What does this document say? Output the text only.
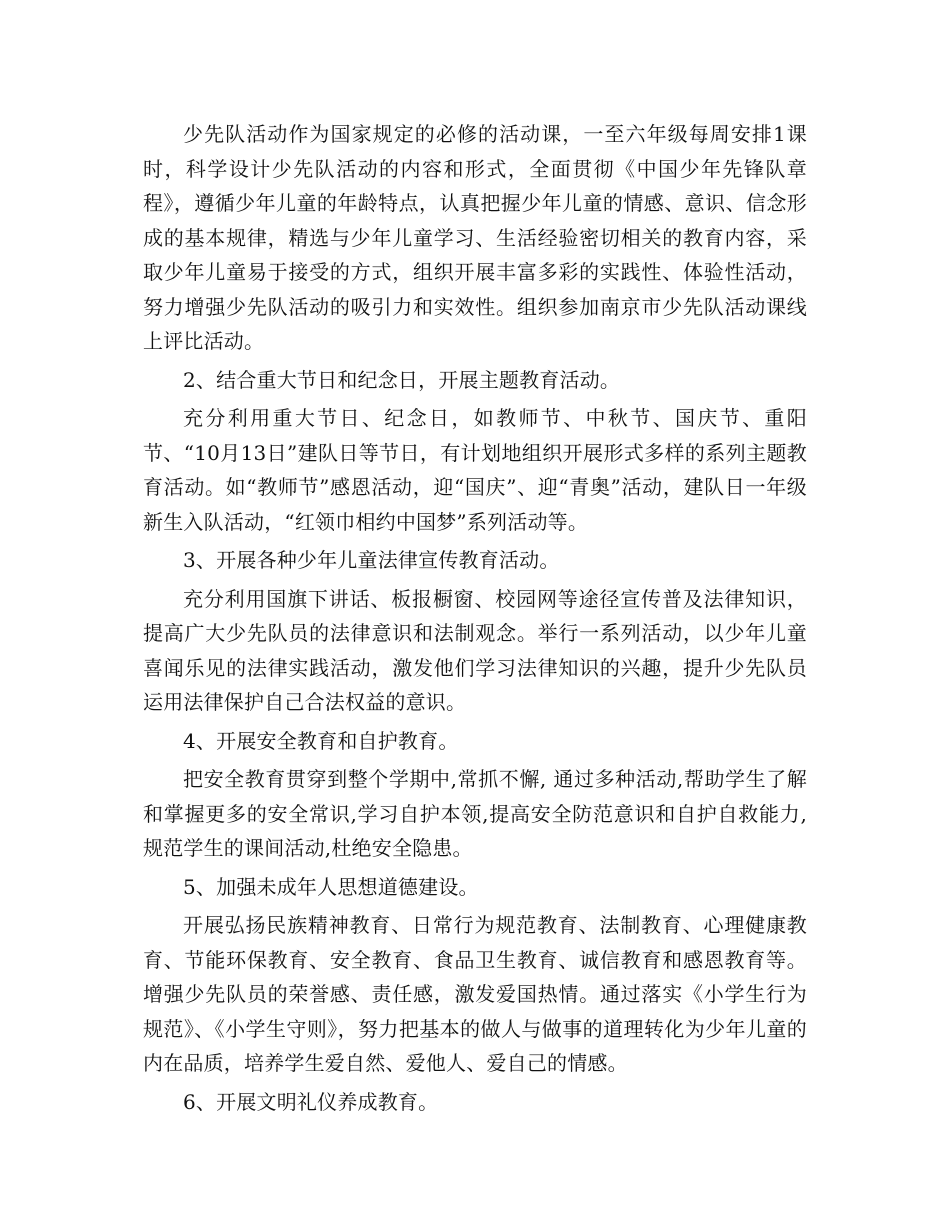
少先队活动作为国家规定的必修的活动课，一至六年级每周安排1课时，科学设计少先队活动的内容和形式，全面贯彻《中国少年先锋队章程》，遵循少年儿童的年龄特点，认真把握少年儿童的情感、意识、信念形成的基本规律，精选与少年儿童学习、生活经验密切相关的教育内容，采取少年儿童易于接受的方式，组织开展丰富多彩的实践性、体验性活动，努力增强少先队活动的吸引力和实效性。组织参加南京市少先队活动课线上评比活动。

2、结合重大节日和纪念日，开展主题教育活动。

充分利用重大节日、纪念日，如教师节、中秋节、国庆节、重阳节、“10月13日”建队日等节日，有计划地组织开展形式多样的系列主题教育活动。如“教师节”感恩活动，迎“国庆”、迎“青奥”活动，建队日一年级新生入队活动，“红领巾相约中国梦”系列活动等。

3、开展各种少年儿童法律宣传教育活动。

充分利用国旗下讲话、板报橱窗、校园网等途径宣传普及法律知识，提高广大少先队员的法律意识和法制观念。举行一系列活动，以少年儿童喜闻乐见的法律实践活动，激发他们学习法律知识的兴趣，提升少先队员运用法律保护自己合法权益的意识。

4、开展安全教育和自护教育。

把安全教育贯穿到整个学期中,常抓不懈, 通过多种活动,帮助学生了解和掌握更多的安全常识,学习自护本领,提高安全防范意识和自护自救能力,规范学生的课间活动,杜绝安全隐患。

5、加强未成年人思想道德建设。

开展弘扬民族精神教育、日常行为规范教育、法制教育、心理健康教育、节能环保教育、安全教育、食品卫生教育、诚信教育和感恩教育等。增强少先队员的荣誉感、责任感，激发爱国热情。通过落实《小学生行为规范》、《小学生守则》，努力把基本的做人与做事的道理转化为少年儿童的内在品质，培养学生爱自然、爱他人、爱自己的情感。

6、开展文明礼仪养成教育。
